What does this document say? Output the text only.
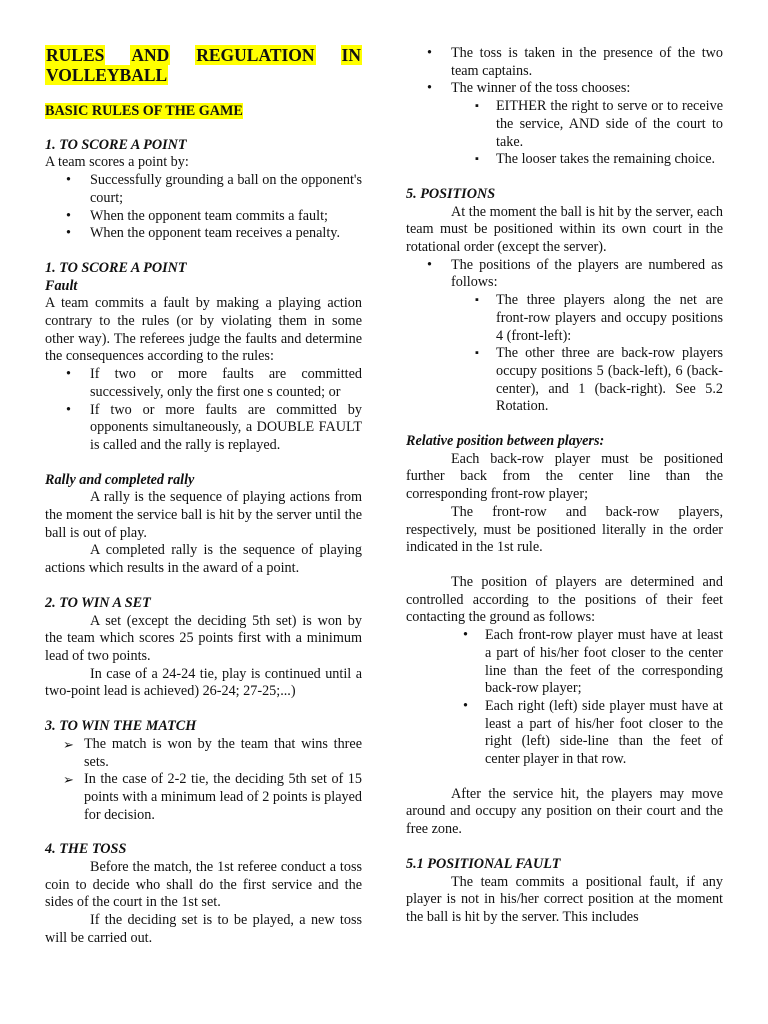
RULES AND REGULATION IN
VOLLEYBALL
BASIC RULES OF THE GAME
1. TO SCORE A POINT

A team scores a point by:

• Successfully grounding a ball on the opponent's court;
• When the opponent team commits a fault;
• When the opponent team receives a penalty.
1. TO SCORE A POINT
Fault

A team commits a fault by making a playing action contrary to the rules (or by violating them in some other way). The referees judge the faults and determine the consequences according to the rules:

• If two or more faults are committed successively, only the first one s counted; or
• If two or more faults are committed by opponents simultaneously, a DOUBLE FAULT is called and the rally is replayed.
Rally and completed rally

A rally is the sequence of playing actions from the moment the service ball is hit by the server until the ball is out of play.

A completed rally is the sequence of playing actions which results in the award of a point.

2. TO WIN A SET

A set (except the deciding 5th set) is won by the team which scores 25 points first with a minimum lead of two points.

In case of a 24-24 tie, play is continued until a two-point lead is achieved) 26-24; 27-25;...)

3. TO WIN THE MATCH
➢ The match is won by the team that wins three sets.
➢ In the case of 2-2 tie, the deciding 5th set of 15 points with a minimum lead of 2 points is played for decision.
4. THE TOSS

Before the match, the 1st referee conduct a toss coin to decide who shall do the first service and the sides of the court in the 1st set.

If the deciding set is to be played, a new toss will be carried out.

• The toss is taken in the presence of the two team captains.
• The winner of the toss chooses:
▪ EITHER the right to serve or to receive the service, AND side of the court to take.
▪ The looser takes the remaining choice.
5. POSITIONS

At the moment the ball is hit by the server, each team must be positioned within its own court in the rotational order (except the server).

• The positions of the players are numbered as follows:
▪ The three players along the net are front-row players and occupy positions 4 (front-left):
▪ The other three are back-row players occupy positions 5 (back-left), 6 (back-center), and 1 (back-right). See 5.2 Rotation.
Relative position between players:

Each back-row player must be positioned further back from the center line than the corresponding front-row player;

The front-row and back-row players, respectively, must be positioned literally in the order indicated in the 1st rule.

The position of players are determined and controlled according to the positions of their feet contacting the ground as follows:

• Each front-row player must have at least a part of his/her foot closer to the center line than the feet of the corresponding back-row player;
• Each right (left) side player must have at least a part of his/her foot closer to the right (left) side-line than the feet of center player in that row.

After the service hit, the players may move around and occupy any position on their court and the free zone.

5.1 POSITIONAL FAULT

The team commits a positional fault, if any player is not in his/her correct position at the moment the ball is hit by the server. This includes
